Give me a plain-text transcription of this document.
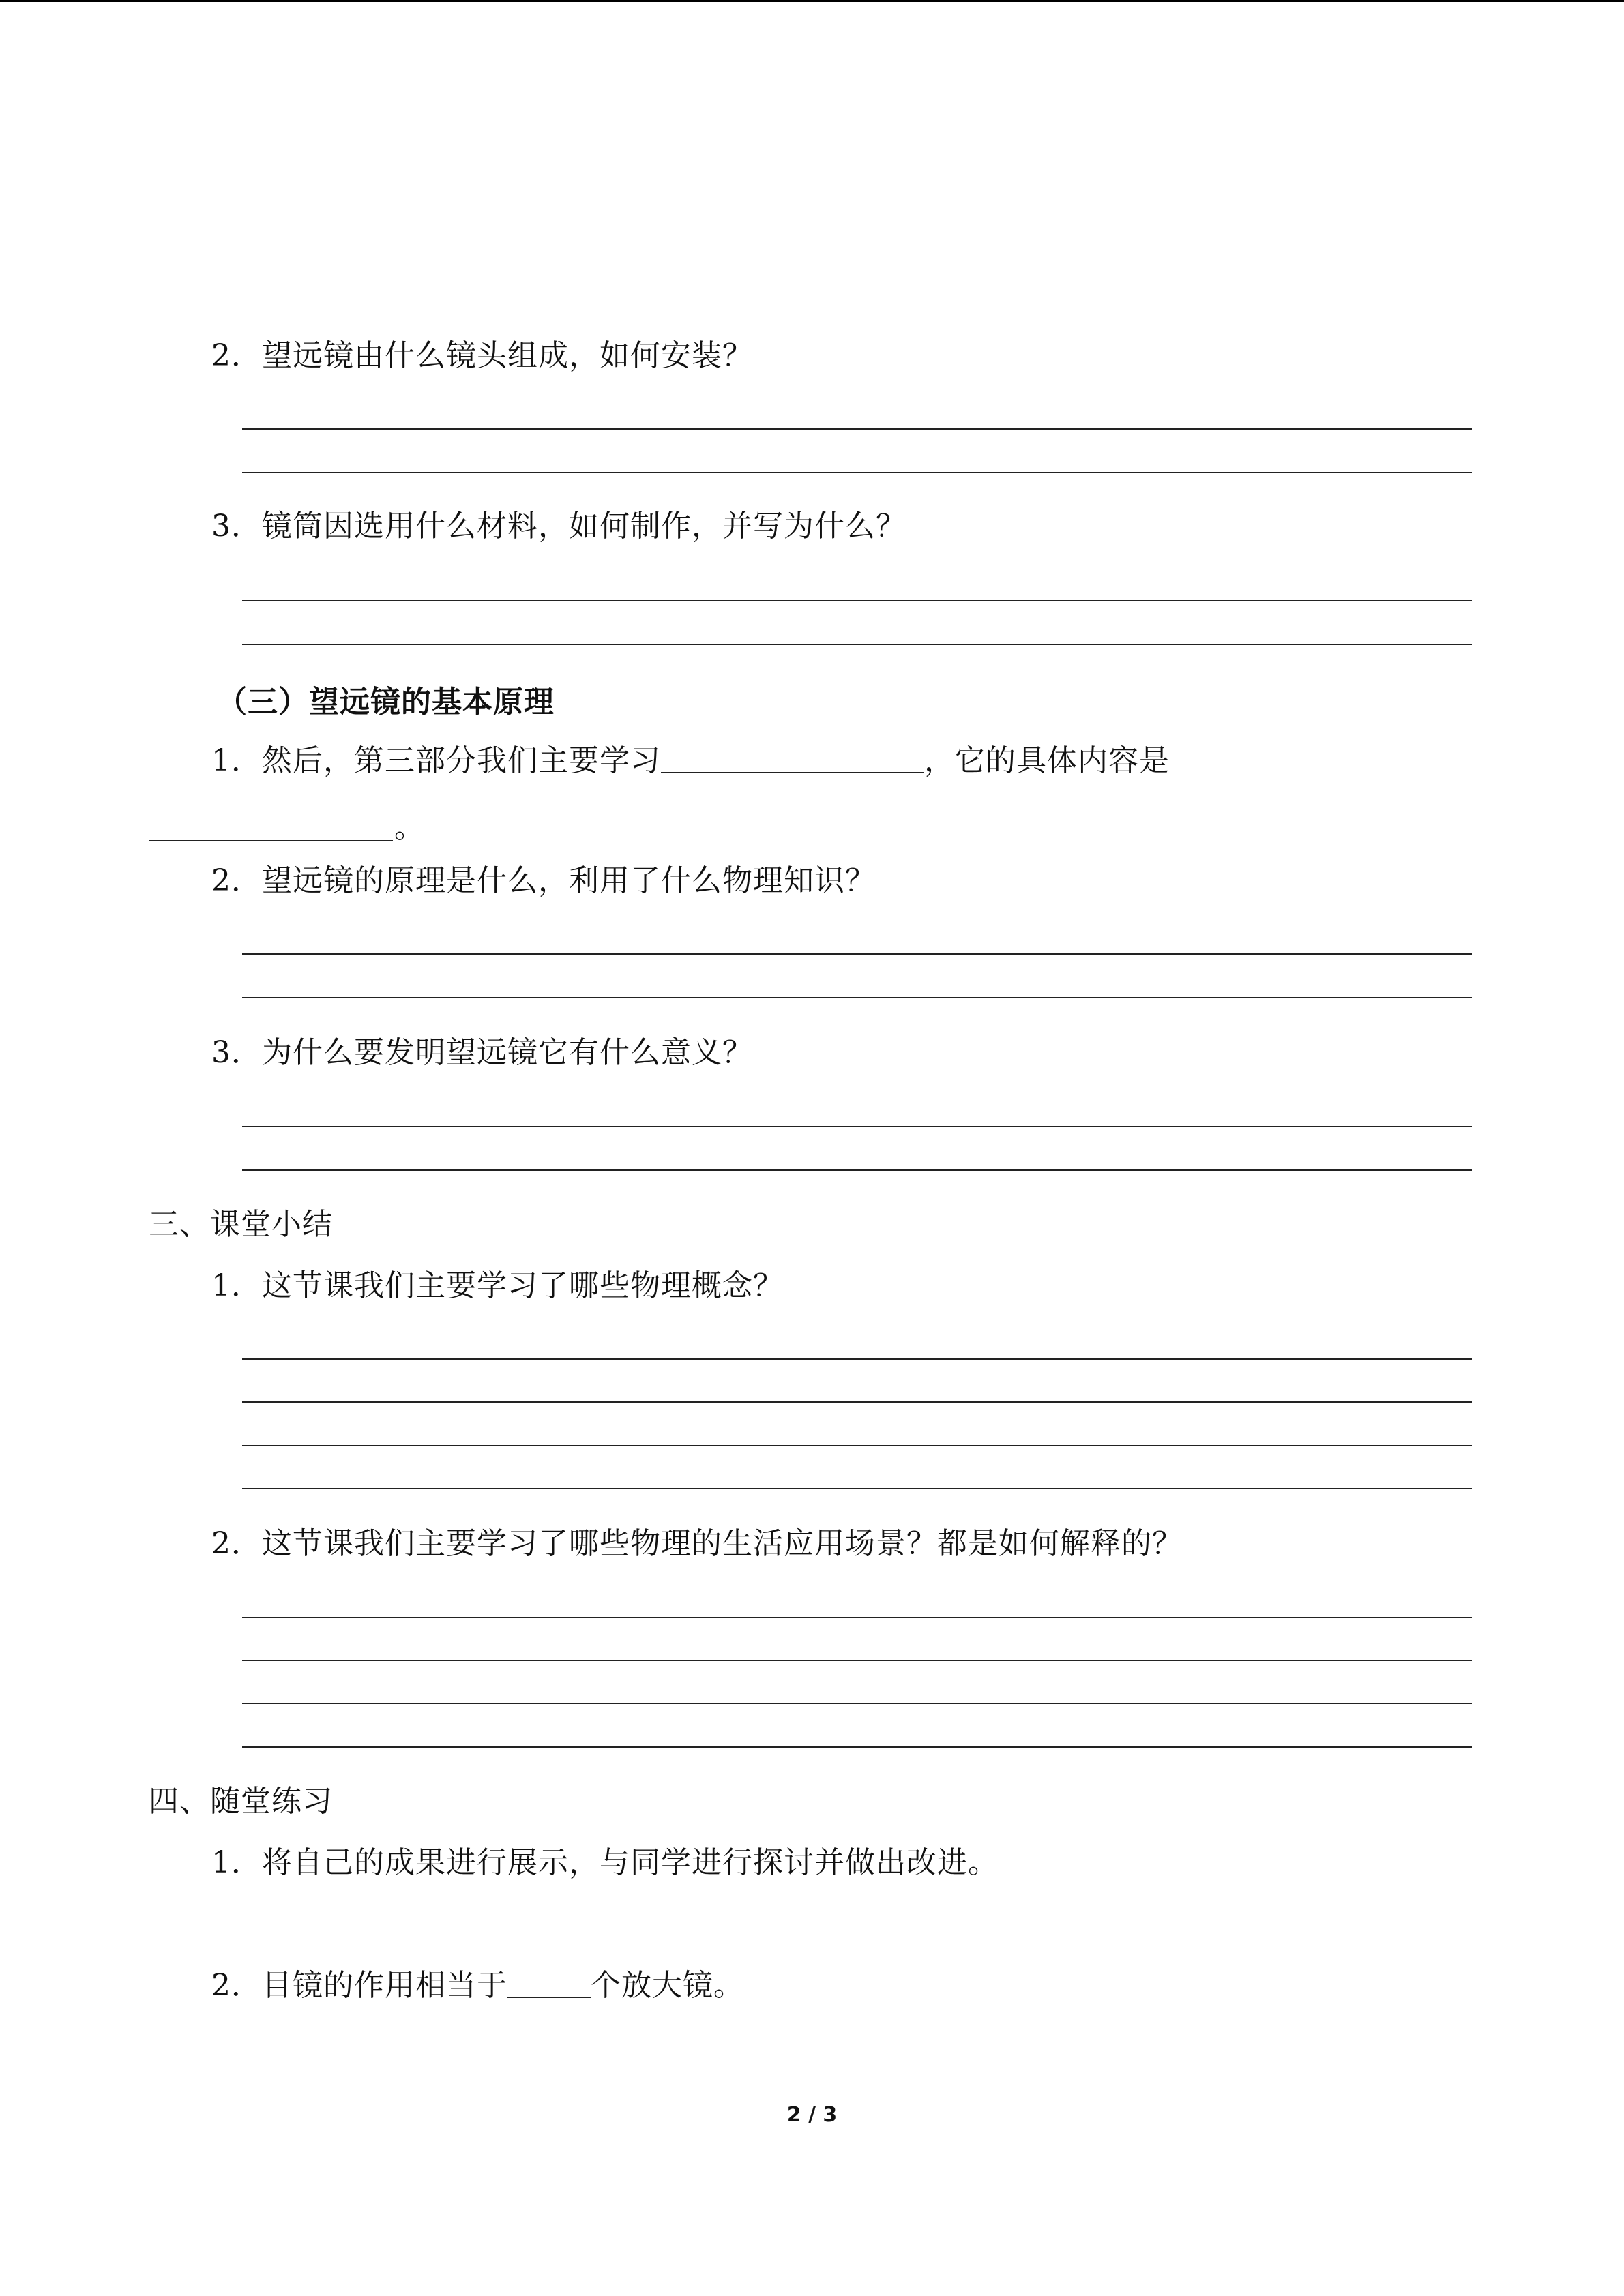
2．望远镜由什么镜头组成，如何安装？
3．镜筒因选用什么材料，如何制作，并写为什么？
（三）望远镜的基本原理
1．然后，第三部分我们主要学习	，它的具体内容是
。
2．望远镜的原理是什么，利用了什么物理知识？
3．为什么要发明望远镜它有什么意义？
三、课堂小结
1．这节课我们主要学习了哪些物理概念？
2．这节课我们主要学习了哪些物理的生活应用场景？都是如何解释的？
四、随堂练习
1．将自己的成果进行展示，与同学进行探讨并做出改进。
2．目镜的作用相当于	个放大镜。
2 / 3
